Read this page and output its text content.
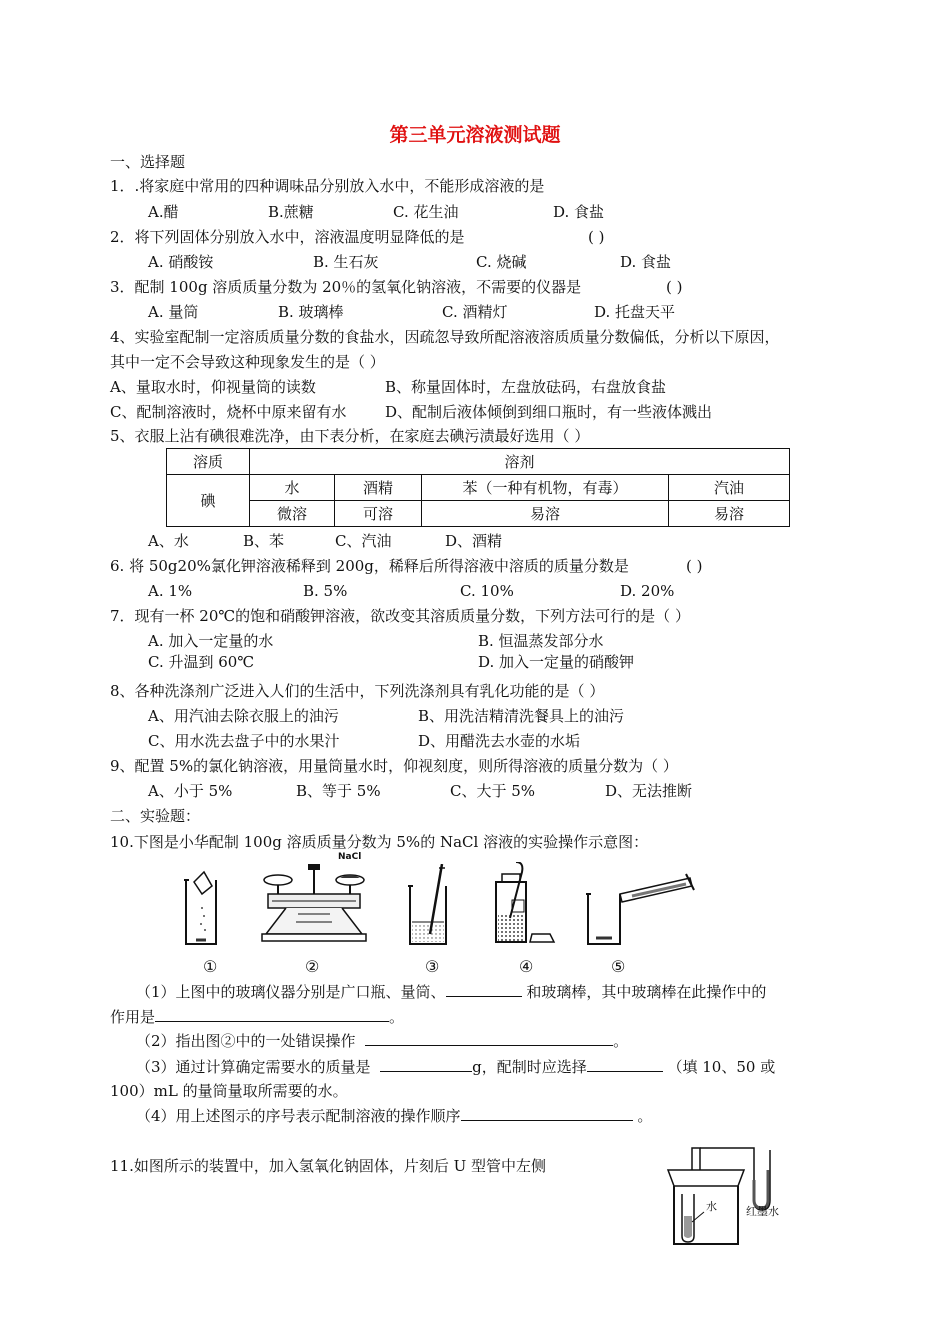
第三单元溶液测试题
一、选择题
1．.将家庭中常用的四种调味品分别放入水中，不能形成溶液的是
A.醋	B.蔗糖	C. 花生油	D. 食盐
2．将下列固体分别放入水中，溶液温度明显降低的是	( )
A. 硝酸铵	B. 生石灰	C. 烧碱	D. 食盐
3．配制 100g 溶质质量分数为 20％的氢氧化钠溶液，不需要的仪器是	( )
A. 量筒	B. 玻璃棒	C. 酒精灯	D. 托盘天平
4、实验室配制一定溶质质量分数的食盐水，因疏忽导致所配溶液溶质质量分数偏低，分析以下原因，
其中一定不会导致这种现象发生的是（ ）
A、量取水时，仰视量筒的读数	B、称量固体时，左盘放砝码，右盘放食盐
C、配制溶液时，烧杯中原来留有水	D、配制后液体倾倒到细口瓶时，有一些液体溅出
5、衣服上沾有碘很难洗净，由下表分析，在家庭去碘污渍最好选用（ ）
溶质	溶剂			
碘	水	酒精	苯（一种有机物，有毒）	汽油
	微溶	可溶	易溶	易溶
A、水	B、苯	C、汽油	D、酒精
6. 将 50g20%氯化钾溶液稀释到 200g，稀释后所得溶液中溶质的质量分数是	( )
A. 1%	B. 5%	C. 10%	D. 20%
7．现有一杯 20℃的饱和硝酸钾溶液，欲改变其溶质质量分数，下列方法可行的是（ ）
A. 加入一定量的水	B. 恒温蒸发部分水
C. 升温到 60℃	D. 加入一定量的硝酸钾
8、各种洗涤剂广泛进入人们的生活中，下列洗涤剂具有乳化功能的是（ ）
A、用汽油去除衣服上的油污	B、用洗洁精清洗餐具上的油污
C、用水洗去盘子中的水果汁	D、用醋洗去水壶的水垢
9、配置 5%的氯化钠溶液，用量筒量水时，仰视刻度，则所得溶液的质量分数为（ ）
A、小于 5%	B、等于 5%	C、大于 5%	D、无法推断
二、实验题：
10.下图是小华配制 100g 溶质质量分数为 5%的 NaCl 溶液的实验操作示意图：
NaCl
①	②	③	④	⑤
（1）上图中的玻璃仪器分别是广口瓶、量筒、	和玻璃棒，其中玻璃棒在此操作中的
作用是	。
（2）指出图②中的一处错误操作	。
（3）通过计算确定需要水的质量是	g，配制时应选择	（填 10、50 或
100）mL 的量筒量取所需要的水。
（4）用上述图示的序号表示配制溶液的操作顺序	。
11.如图所示的装置中，加入氢氧化钠固体，片刻后 U 型管中左侧
水	红墨水
